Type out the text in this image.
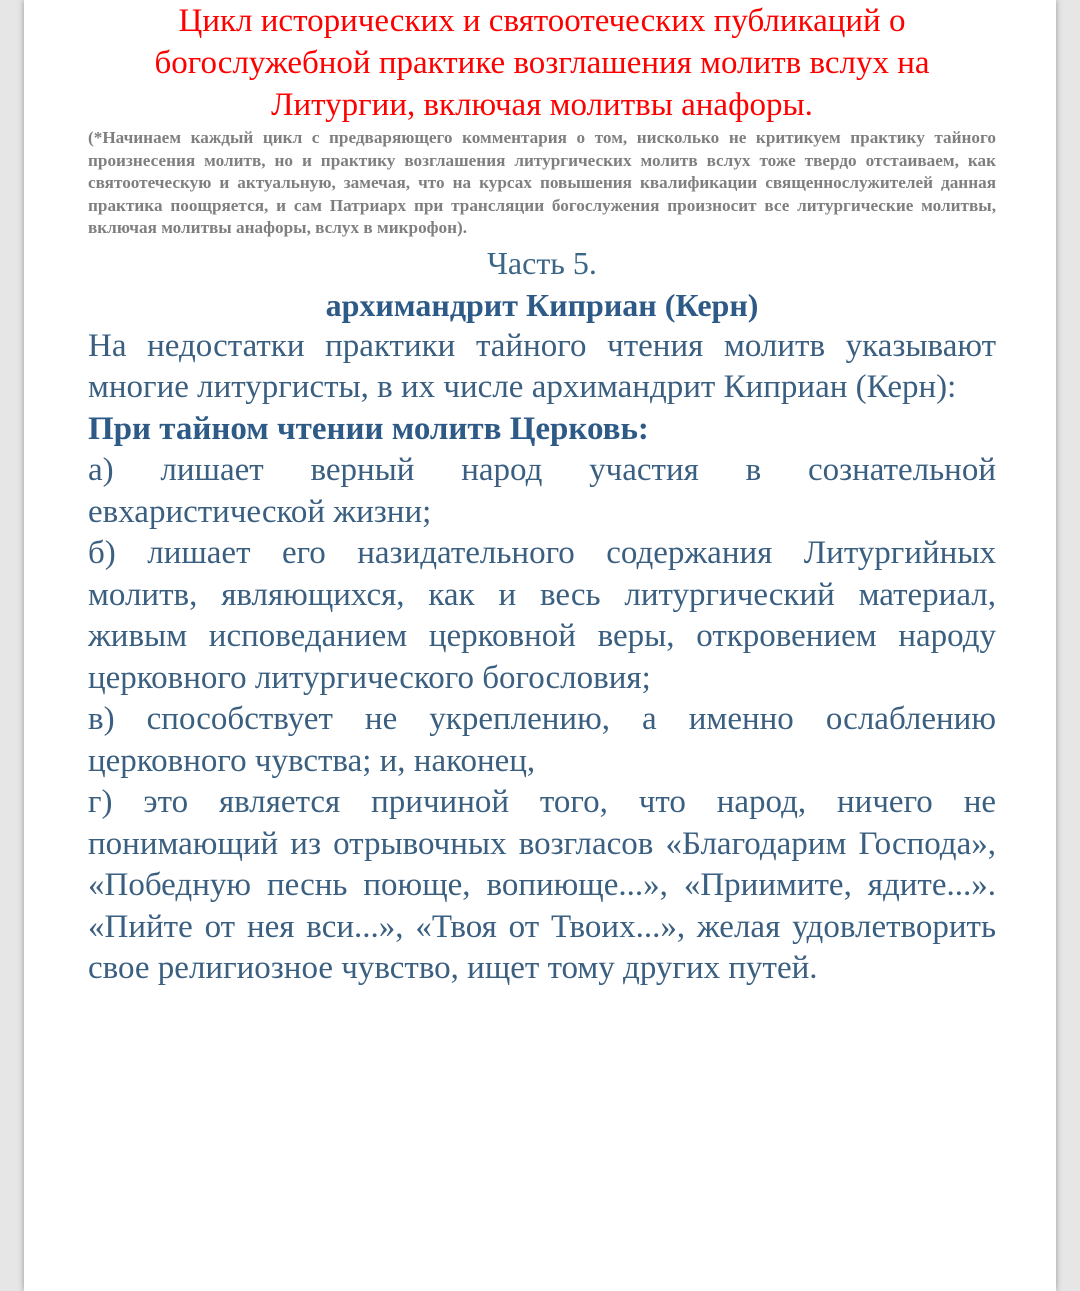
Цикл исторических и святоотеческих публикаций о богослужебной практике возглашения молитв вслух на Литургии, включая молитвы анафоры.

(*Начинаем каждый цикл с предваряющего комментария о том, нисколько не критикуем практику тайного произнесения молитв, но и практику возглашения литургических молитв вслух тоже твердо отстаиваем, как святоотеческую и актуальную, замечая, что на курсах повышения квалификации священнослужителей данная практика поощряется, и сам Патриарх при трансляции богослужения произносит все литургические молитвы, включая молитвы анафоры, вслух в микрофон).

Часть 5.

архимандрит Киприан (Керн)

На недостатки практики тайного чтения молитв указывают многие литургисты, в их числе архимандрит Киприан (Керн):

При тайном чтении молитв Церковь:

а) лишает верный народ участия в сознательной евхаристической жизни;

б) лишает его назидательного содержания Литургийных молитв, являющихся, как и весь литургический материал, живым исповеданием церковной веры, откровением народу церковного литургического богословия;

в) способствует не укреплению, а именно ослаблению церковного чувства; и, наконец,

г) это является причиной того, что народ, ничего не понимающий из отрывочных возгласов «Благодарим Господа», «Победную песнь поюще, вопиюще...», «Приимите, ядите...». «Пийте от нея вси...», «Твоя от Твоих...», желая удовлетворить свое религиозное чувство, ищет тому других путей.
